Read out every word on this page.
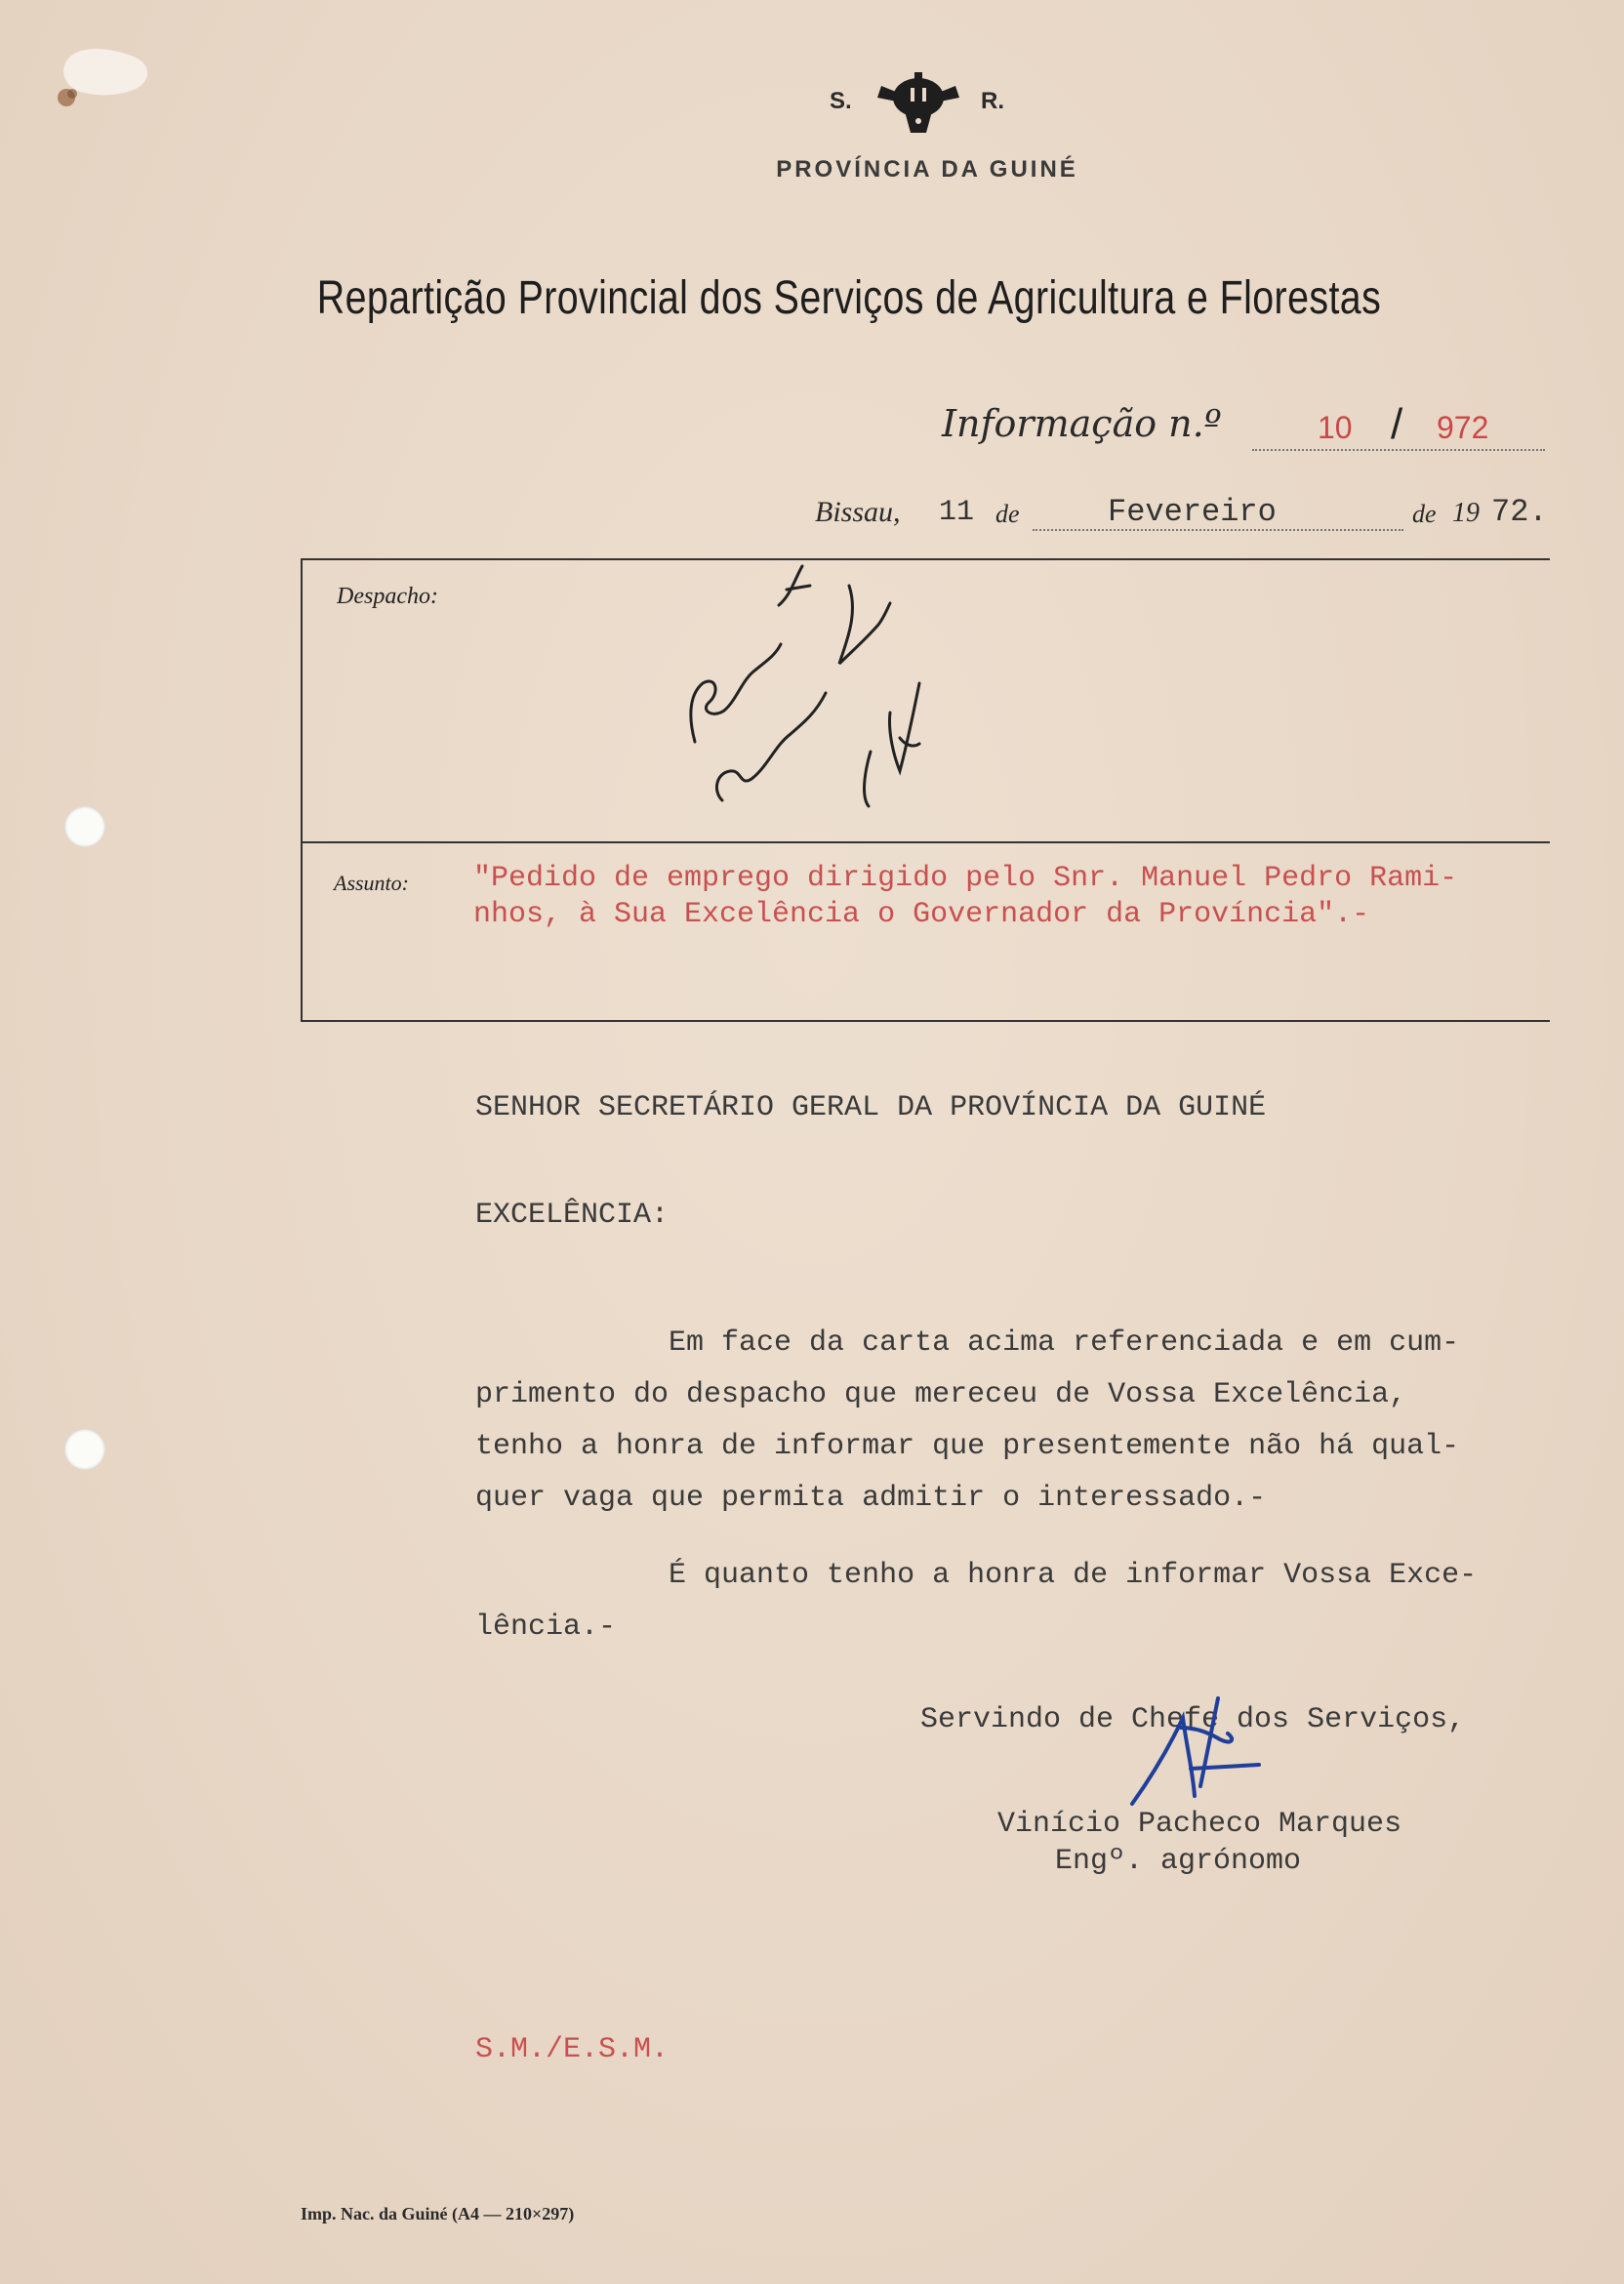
S.	R.
PROVÍNCIA DA GUINÉ
Repartição Provincial dos Serviços de Agricultura e Florestas
Informação n.º	10 / 972
Bissau, 11 de	Fevereiro	de 19 72.
Despacho:
Assunto: "Pedido de emprego dirigido pelo Snr. Manuel Pedro Rami-
nhos, à Sua Excelência o Governador da Província".-
SENHOR SECRETÁRIO GERAL DA PROVÍNCIA DA GUINÉ
EXCELÊNCIA:
Em face da carta acima referenciada e em cum-
primento do despacho que mereceu de Vossa Excelência,
tenho a honra de informar que presentemente não há qual-
quer vaga que permita admitir o interessado.-
É quanto tenho a honra de informar Vossa Exce-
lência.-
Servindo de Chefe dos Serviços,
Vinício Pacheco Marques
Engº. agrónomo
S.M./E.S.M.
Imp. Nac. da Guiné (A4 — 210×297)
